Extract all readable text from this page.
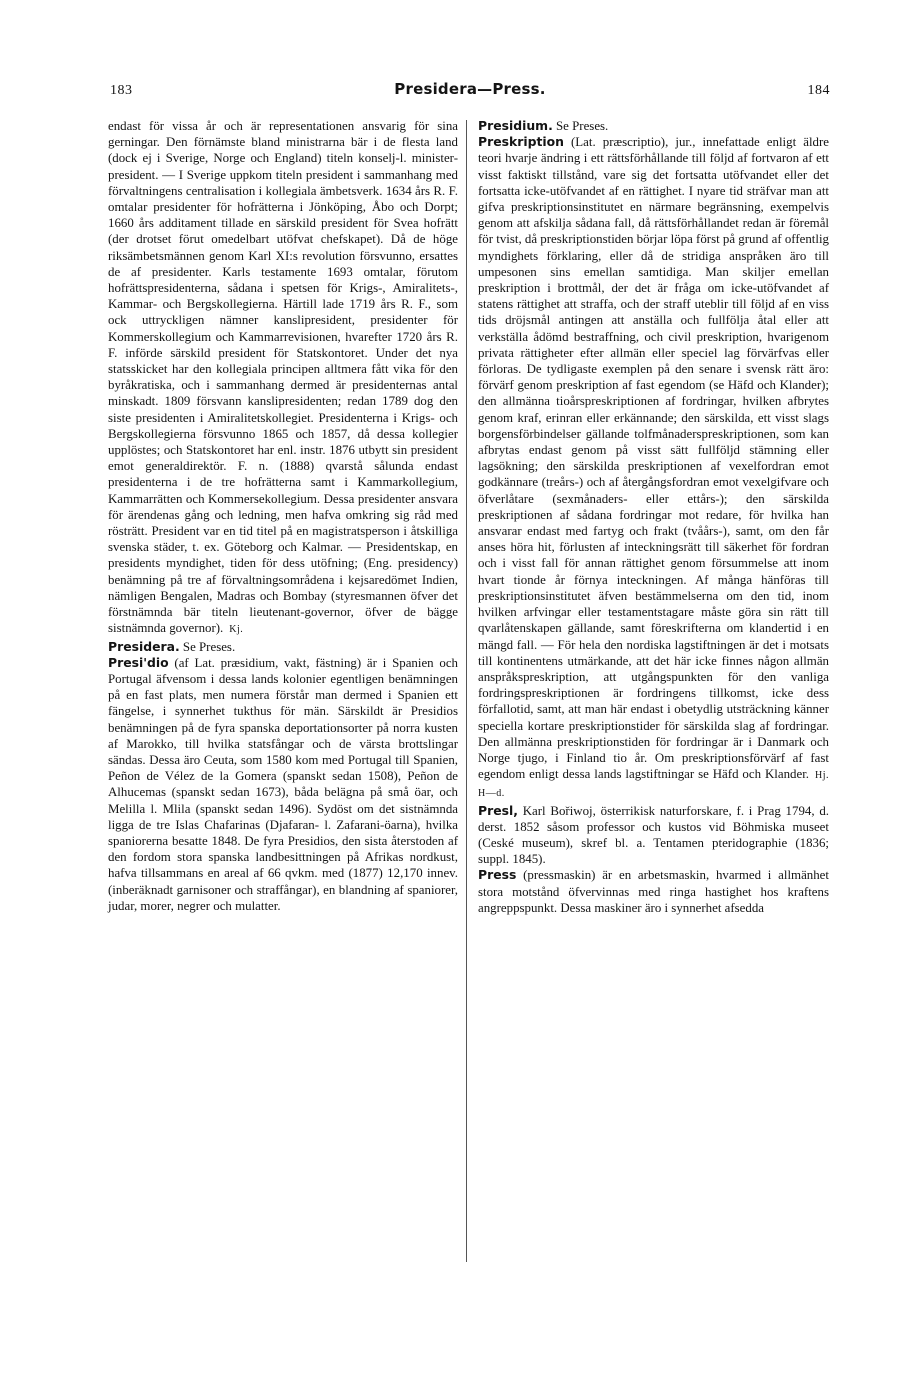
183	Presidera—Press.	184

endast för vissa år och är representationen ansvarig för sina gerningar. Den förnämste bland ministrarna bär i de flesta land (dock ej i Sverige, Norge och England) titeln konselj-l. minister-president. — I Sverige uppkom titeln president i sammanhang med förvaltningens centralisation i kollegiala ämbetsverk. 1634 års R. F. omtalar presidenter för hofrätterna i Jönköping, Åbo och Dorpt; 1660 års additament tillade en särskild president för Svea hofrätt (der drotset förut omedelbart utöfvat chefskapet). Då de höge riksämbetsmännen genom Karl XI:s revolution försvunno, ersattes de af presidenter. Karls testamente 1693 omtalar, förutom hofrättspresidenterna, sådana i spetsen för Krigs-, Amiralitets-, Kammar- och Bergskollegierna. Härtill lade 1719 års R. F., som ock uttryckligen nämner kanslipresident, presidenter för Kommerskollegium och Kammarrevisionen, hvarefter 1720 års R. F. införde särskild president för Statskontoret. Under det nya statsskicket har den kollegiala principen alltmera fått vika för den byråkratiska, och i sammanhang dermed är presidenternas antal minskadt. 1809 försvann kanslipresidenten; redan 1789 dog den siste presidenten i Amiralitetskollegiet. Presidenterna i Krigs- och Bergskollegierna försvunno 1865 och 1857, då dessa kollegier upplöstes; och Statskontoret har enl. instr. 1876 utbytt sin president emot generaldirektör. F. n. (1888) qvarstå sålunda endast presidenterna i de tre hofrätterna samt i Kammarkollegium, Kammarrätten och Kommersekollegium. Dessa presidenter ansvara för ärendenas gång och ledning, men hafva omkring sig råd med rösträtt. President var en tid titel på en magistratsperson i åtskilliga svenska städer, t. ex. Göteborg och Kalmar. — Presidentskap, en presidents myndighet, tiden för dess utöfning; (Eng. presidency) benämning på tre af förvaltningsområdena i kejsaredömet Indien, nämligen Bengalen, Madras och Bombay (styresmannen öfver det förstnämnda bär titeln lieutenant-governor, öfver de bägge sistnämnda governor). Kj.

Presidera. Se Preses.

Presi'dio (af Lat. præsidium, vakt, fästning) är i Spanien och Portugal äfvensom i dessa lands kolonier egentligen benämningen på en fast plats, men numera förstår man dermed i Spanien ett fängelse, i synnerhet tukthus för män. Särskildt är Presidios benämningen på de fyra spanska deportationsorter på norra kusten af Marokko, till hvilka statsfångar och de värsta brottslingar sändas. Dessa äro Ceuta, som 1580 kom med Portugal till Spanien, Peñon de Vélez de la Gomera (spanskt sedan 1508), Peñon de Alhucemas (spanskt sedan 1673), båda belägna på små öar, och Melilla l. Mlila (spanskt sedan 1496). Sydöst om det sistnämnda ligga de tre Islas Chafarinas (Djafaran- l. Zafarani-öarna), hvilka spaniorerna besatte 1848. De fyra Presidios, den sista återstoden af den fordom stora spanska landbesittningen på Afrikas nordkust, hafva tillsammans en areal af 66 qvkm. med (1877) 12,170 innev. (inberäknadt garnisoner och straffångar), en blandning af spaniorer, judar, morer, negrer och mulatter.

Presidium. Se Preses.

Preskription (Lat. præscriptio), jur., innefattade enligt äldre teori hvarje ändring i ett rättsförhållande till följd af fortvaron af ett visst faktiskt tillstånd, vare sig det fortsatta utöfvandet eller det fortsatta icke-utöfvandet af en rättighet. I nyare tid sträfvar man att gifva preskriptionsinstitutet en närmare begränsning, exempelvis genom att afskilja sådana fall, då rättsförhållandet redan är föremål för tvist, då preskriptionstiden börjar löpa först på grund af offentlig myndighets förklaring, eller då de stridiga anspråken äro till umpesonen sins emellan samtidiga. Man skiljer emellan preskription i brottmål, der det är fråga om icke-utöfvandet af statens rättighet att straffa, och der straff uteblir till följd af en viss tids dröjsmål antingen att anställa och fullfölja åtal eller att verkställa ådömd bestraffning, och civil preskription, hvarigenom privata rättigheter efter allmän eller speciel lag förvärfvas eller förloras. De tydligaste exemplen på den senare i svensk rätt äro: förvärf genom preskription af fast egendom (se Häfd och Klander); den allmänna tioårspreskriptionen af fordringar, hvilken afbrytes genom kraf, erinran eller erkännande; den särskilda, ett visst slags borgensförbindelser gällande tolfmånaderspreskriptionen, som kan afbrytas endast genom på visst sätt fullföljd stämning eller lagsökning; den särskilda preskriptionen af vexelfordran emot godkännare (treårs-) och af återgångsfordran emot vexelgifvare och öfverlåtare (sexmånaders- eller ettårs-); den särskilda preskriptionen af sådana fordringar mot redare, för hvilka han ansvarar endast med fartyg och frakt (tvåårs-), samt, om den får anses höra hit, förlusten af inteckningsrätt till säkerhet för fordran och i visst fall för annan rättighet genom försummelse att inom hvart tionde år förnya inteckningen. Af många hänföras till preskriptionsinstitutet äfven bestämmelserna om den tid, inom hvilken arfvingar eller testamentstagare måste göra sin rätt till qvarlåtenskapen gällande, samt föreskrifterna om klandertid i en mängd fall. — För hela den nordiska lagstiftningen är det i motsats till kontinentens utmärkande, att det här icke finnes någon allmän anspråkspreskription, att utgångspunkten för den vanliga fordringspreskriptionen är fordringens tillkomst, icke dess förfallotid, samt, att man här endast i obetydlig utsträckning känner speciella kortare preskriptionstider för särskilda slag af fordringar. Den allmänna preskriptionstiden för fordringar är i Danmark och Norge tjugo, i Finland tio år. Om preskriptionsförvärf af fast egendom enligt dessa lands lagstiftningar se Häfd och Klander. Hj. H—d.

Presl, Karl Bořiwoj, österrikisk naturforskare, f. i Prag 1794, d. derst. 1852 såsom professor och kustos vid Böhmiska museet (Ceské museum), skref bl. a. Tentamen pteridographie (1836; suppl. 1845).

Press (pressmaskin) är en arbetsmaskin, hvarmed i allmänhet stora motstånd öfvervinnas med ringa hastighet hos kraftens angreppspunkt. Dessa maskiner äro i synnerhet afsedda
